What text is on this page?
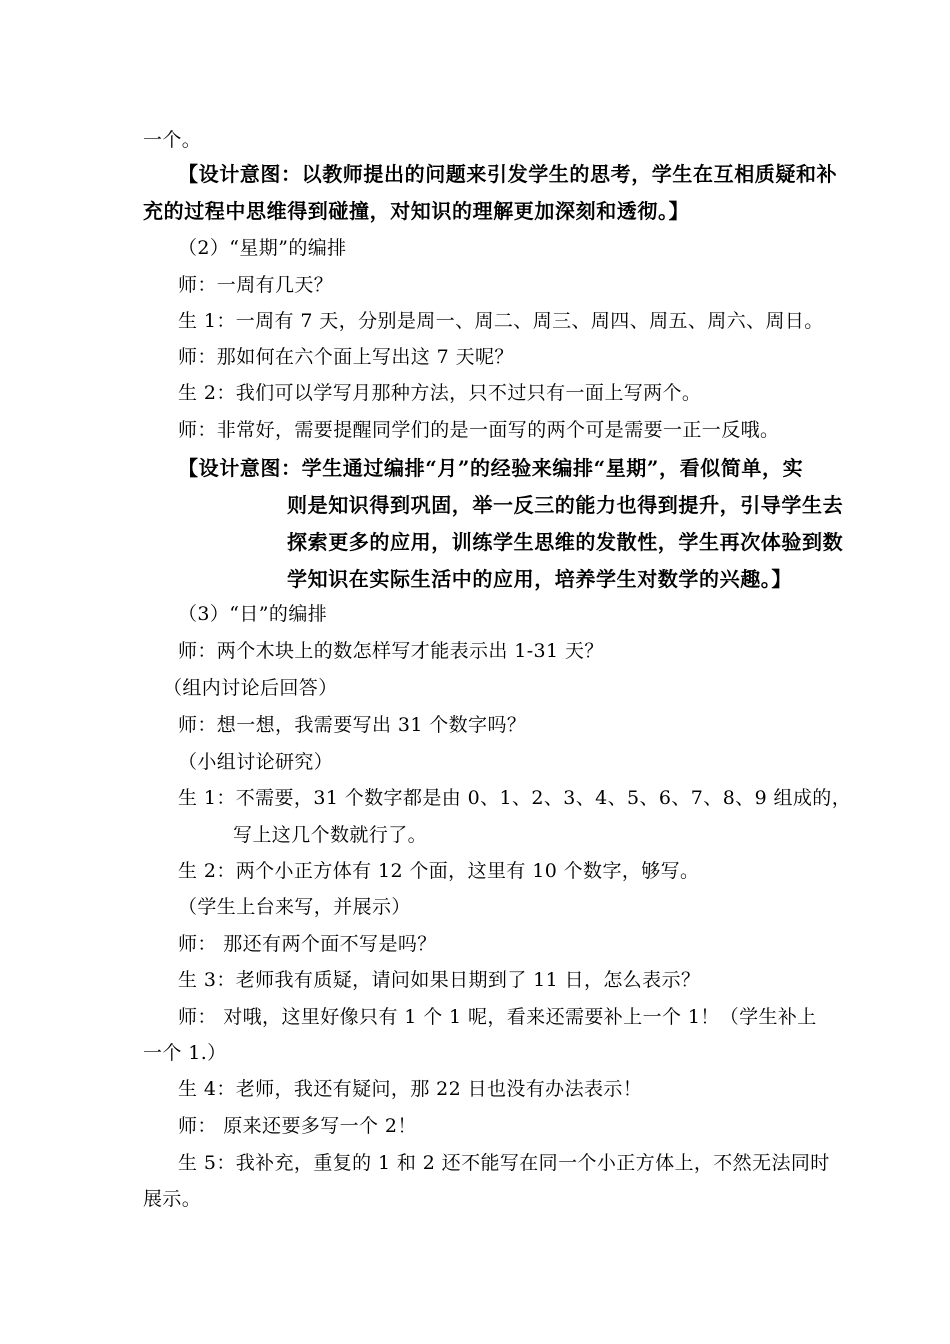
一个。
【设计意图：以教师提出的问题来引发学生的思考，学生在互相质疑和补
充的过程中思维得到碰撞，对知识的理解更加深刻和透彻。】
（2）“星期”的编排
师：一周有几天？
生 1：一周有 7 天，分别是周一、周二、周三、周四、周五、周六、周日。
师：那如何在六个面上写出这 7 天呢？
生 2：我们可以学写月那种方法，只不过只有一面上写两个。
师：非常好，需要提醒同学们的是一面写的两个可是需要一正一反哦。
【设计意图：学生通过编排“月”的经验来编排“星期”，看似简单，实
则是知识得到巩固，举一反三的能力也得到提升，引导学生去
探索更多的应用，训练学生思维的发散性，学生再次体验到数
学知识在实际生活中的应用，培养学生对数学的兴趣。】
（3）“日”的编排
师：两个木块上的数怎样写才能表示出 1-31 天？
（组内讨论后回答）
师：想一想，我需要写出 31 个数字吗？
（小组讨论研究）
生 1：不需要，31 个数字都是由 0、1、2、3、4、5、6、7、8、9 组成的，
写上这几个数就行了。
生 2：两个小正方体有 12 个面，这里有 10 个数字，够写。
（学生上台来写，并展示）
师： 那还有两个面不写是吗？
生 3：老师我有质疑，请问如果日期到了 11 日，怎么表示？
师： 对哦，这里好像只有 1 个 1 呢，看来还需要补上一个 1！（学生补上
一个 1.）
生 4：老师，我还有疑问，那 22 日也没有办法表示！
师： 原来还要多写一个 2！
生 5：我补充，重复的 1 和 2 还不能写在同一个小正方体上，不然无法同时
展示。
